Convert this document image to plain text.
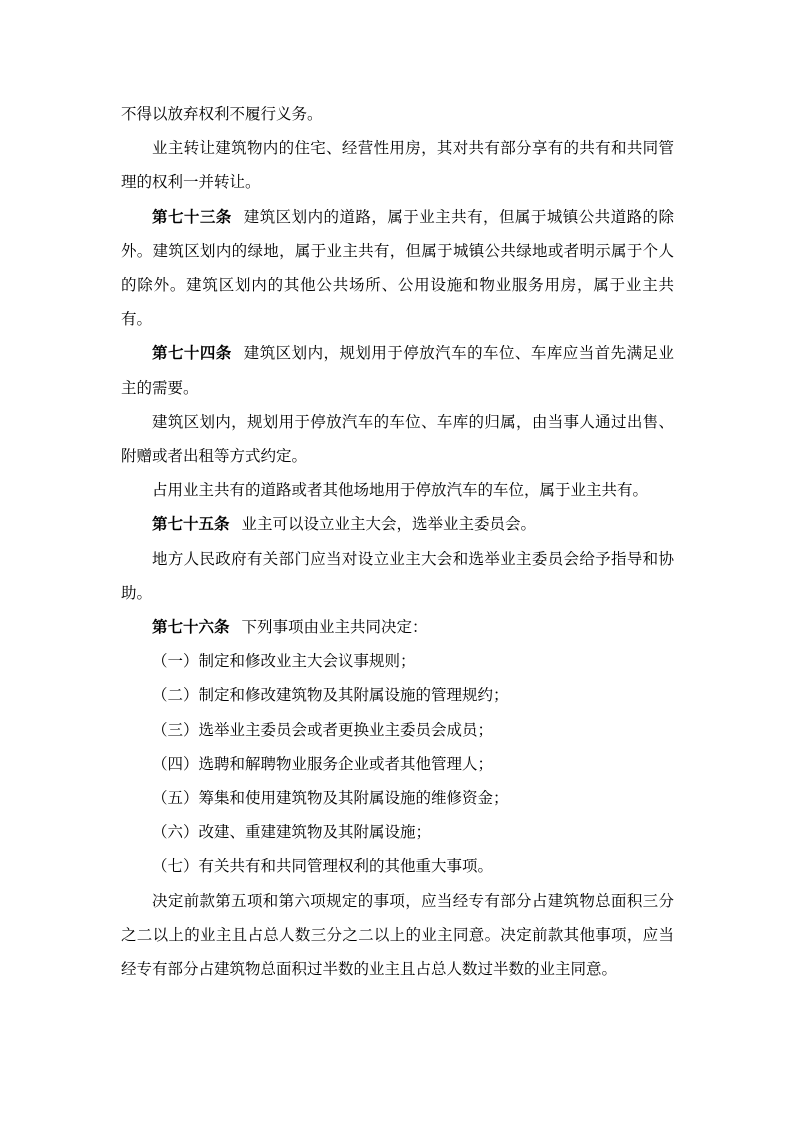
不得以放弃权利不履行义务。

业主转让建筑物内的住宅、经营性用房，其对共有部分享有的共有和共同管理的权利一并转让。

第七十三条 建筑区划内的道路，属于业主共有，但属于城镇公共道路的除外。建筑区划内的绿地，属于业主共有，但属于城镇公共绿地或者明示属于个人的除外。建筑区划内的其他公共场所、公用设施和物业服务用房，属于业主共有。

第七十四条 建筑区划内，规划用于停放汽车的车位、车库应当首先满足业主的需要。

建筑区划内，规划用于停放汽车的车位、车库的归属，由当事人通过出售、附赠或者出租等方式约定。

占用业主共有的道路或者其他场地用于停放汽车的车位，属于业主共有。

第七十五条 业主可以设立业主大会，选举业主委员会。

地方人民政府有关部门应当对设立业主大会和选举业主委员会给予指导和协助。

第七十六条 下列事项由业主共同决定：

（一）制定和修改业主大会议事规则；

（二）制定和修改建筑物及其附属设施的管理规约；

（三）选举业主委员会或者更换业主委员会成员；

（四）选聘和解聘物业服务企业或者其他管理人；

（五）筹集和使用建筑物及其附属设施的维修资金；

（六）改建、重建建筑物及其附属设施；

（七）有关共有和共同管理权利的其他重大事项。

决定前款第五项和第六项规定的事项，应当经专有部分占建筑物总面积三分之二以上的业主且占总人数三分之二以上的业主同意。决定前款其他事项，应当经专有部分占建筑物总面积过半数的业主且占总人数过半数的业主同意。
